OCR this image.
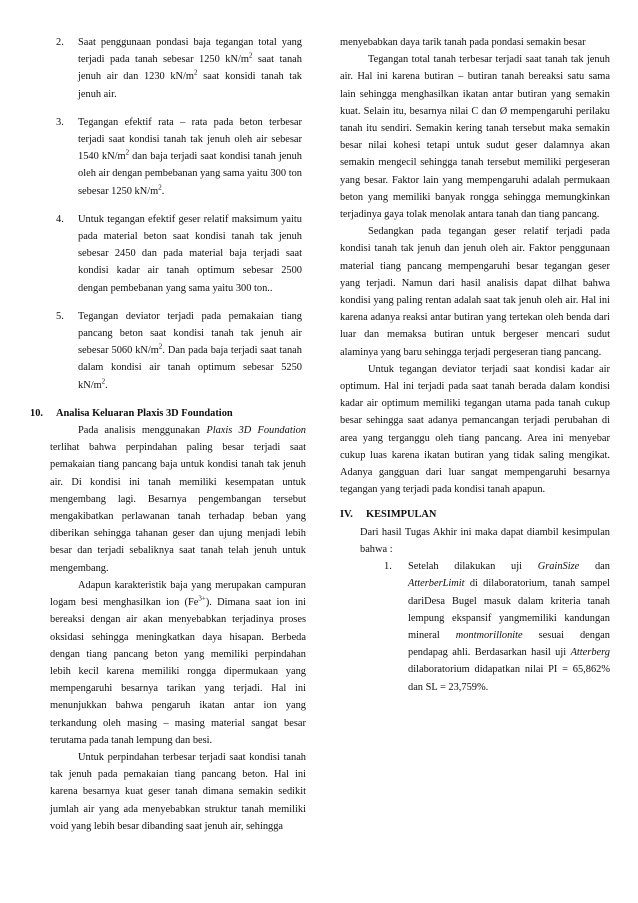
2. Saat penggunaan pondasi baja tegangan total yang terjadi pada tanah sebesar 1250 $kN/m^2$ saat tanah jenuh air dan 1230 $kN/m^2$ saat konsidi tanah tak jenuh air.
3. Tegangan efektif rata – rata pada beton terbesar terjadi saat kondisi tanah tak jenuh oleh air sebesar 1540 $kN/m^2$ dan baja terjadi saat kondisi tanah jenuh oleh air dengan pembebanan yang sama yaitu 300 ton sebesar 1250 $kN/m^2$.
4. Untuk tegangan efektif geser relatif maksimum yaitu pada material beton saat kondisi tanah tak jenuh sebesar 2450 dan pada material baja terjadi saat kondisi kadar air tanah optimum sebesar 2500 dengan pembebanan yang sama yaitu 300 ton..
5. Tegangan deviator terjadi pada pemakaian tiang pancang beton saat kondisi tanah tak jenuh air sebesar 5060 $kN/m^2$. Dan pada baja terjadi saat tanah dalam kondisi air tanah optimum sebesar 5250 $kN/m^2$.
10. Analisa Keluaran Plaxis 3D Foundation

Pada analisis menggunakan Plaxis 3D Foundation terlihat bahwa perpindahan paling besar terjadi saat pemakaian tiang pancang baja untuk kondisi tanah tak jenuh air. Di kondisi ini tanah memiliki kesempatan untuk mengembang lagi. Besarnya pengembangan tersebut mengakibatkan perlawanan tanah terhadap beban yang diberikan sehingga tahanan geser dan ujung menjadi lebih besar dan terjadi sebaliknya saat tanah telah jenuh untuk mengembang.

Adapun karakteristik baja yang merupakan campuran logam besi menghasilkan ion $(Fe^{3+})$. Dimana saat ion ini bereaksi dengan air akan menyebabkan terjadinya proses oksidasi sehingga meningkatkan daya hisapan. Berbeda dengan tiang pancang beton yang memiliki perpindahan lebih kecil karena memiliki rongga dipermukaan yang mempengaruhi besarnya tarikan yang terjadi. Hal ini menunjukkan bahwa pengaruh ikatan antar ion yang terkandung oleh masing – masing material sangat besar terutama pada tanah lempung dan besi.

Untuk perpindahan terbesar terjadi saat kondisi tanah tak jenuh pada pemakaian tiang pancang beton. Hal ini karena besarnya kuat geser tanah dimana semakin sedikit jumlah air yang ada menyebabkan struktur tanah memiliki void yang lebih besar dibanding saat jenuh air, sehingga

menyebabkan daya tarik tanah pada pondasi semakin besar

Tegangan total tanah terbesar terjadi saat tanah tak jenuh air. Hal ini karena butiran – butiran tanah bereaksi satu sama lain sehingga menghasilkan ikatan antar butiran yang semakin kuat. Selain itu, besarnya nilai C dan Ø mempengaruhi perilaku tanah itu sendiri. Semakin kering tanah tersebut maka semakin besar nilai kohesi tetapi untuk sudut geser dalamnya akan semakin mengecil sehingga tanah tersebut memiliki pergeseran yang besar. Faktor lain yang mempengaruhi adalah permukaan beton yang memiliki banyak rongga sehingga memungkinkan terjadinya gaya tolak menolak antara tanah dan tiang pancang.

Sedangkan pada tegangan geser relatif terjadi pada kondisi tanah tak jenuh dan jenuh oleh air. Faktor penggunaan material tiang pancang mempengaruhi besar tegangan geser yang terjadi. Namun dari hasil analisis dapat dilhat bahwa kondisi yang paling rentan adalah saat tak jenuh oleh air. Hal ini karena adanya reaksi antar butiran yang tertekan oleh benda dari luar dan memaksa butiran untuk bergeser mencari sudut alaminya yang baru sehingga terjadi pergeseran tiang pancang.

Untuk tegangan deviator terjadi saat kondisi kadar air optimum. Hal ini terjadi pada saat tanah berada dalam kondisi kadar air optimum memiliki tegangan utama pada tanah cukup besar sehingga saat adanya pemancangan terjadi perubahan di area yang terganggu oleh tiang pancang. Area ini menyebar cukup luas karena ikatan butiran yang tidak saling mengikat. Adanya gangguan dari luar sangat mempengaruhi besarnya tegangan yang terjadi pada kondisi tanah apapun.

IV. KESIMPULAN

Dari hasil Tugas Akhir ini maka dapat diambil kesimpulan bahwa :

1. Setelah dilakukan uji GrainSize dan AtterberLimit di dilaboratorium, tanah sampel dariDesa Bugel masuk dalam kriteria tanah lempung ekspansif yangmemiliki kandungan mineral montmorillonite sesuai dengan pendapag ahli. Berdasarkan hasil uji Atterberg dilaboratorium didapatkan nilai PI = 65,862% dan SL = 23,759%.
